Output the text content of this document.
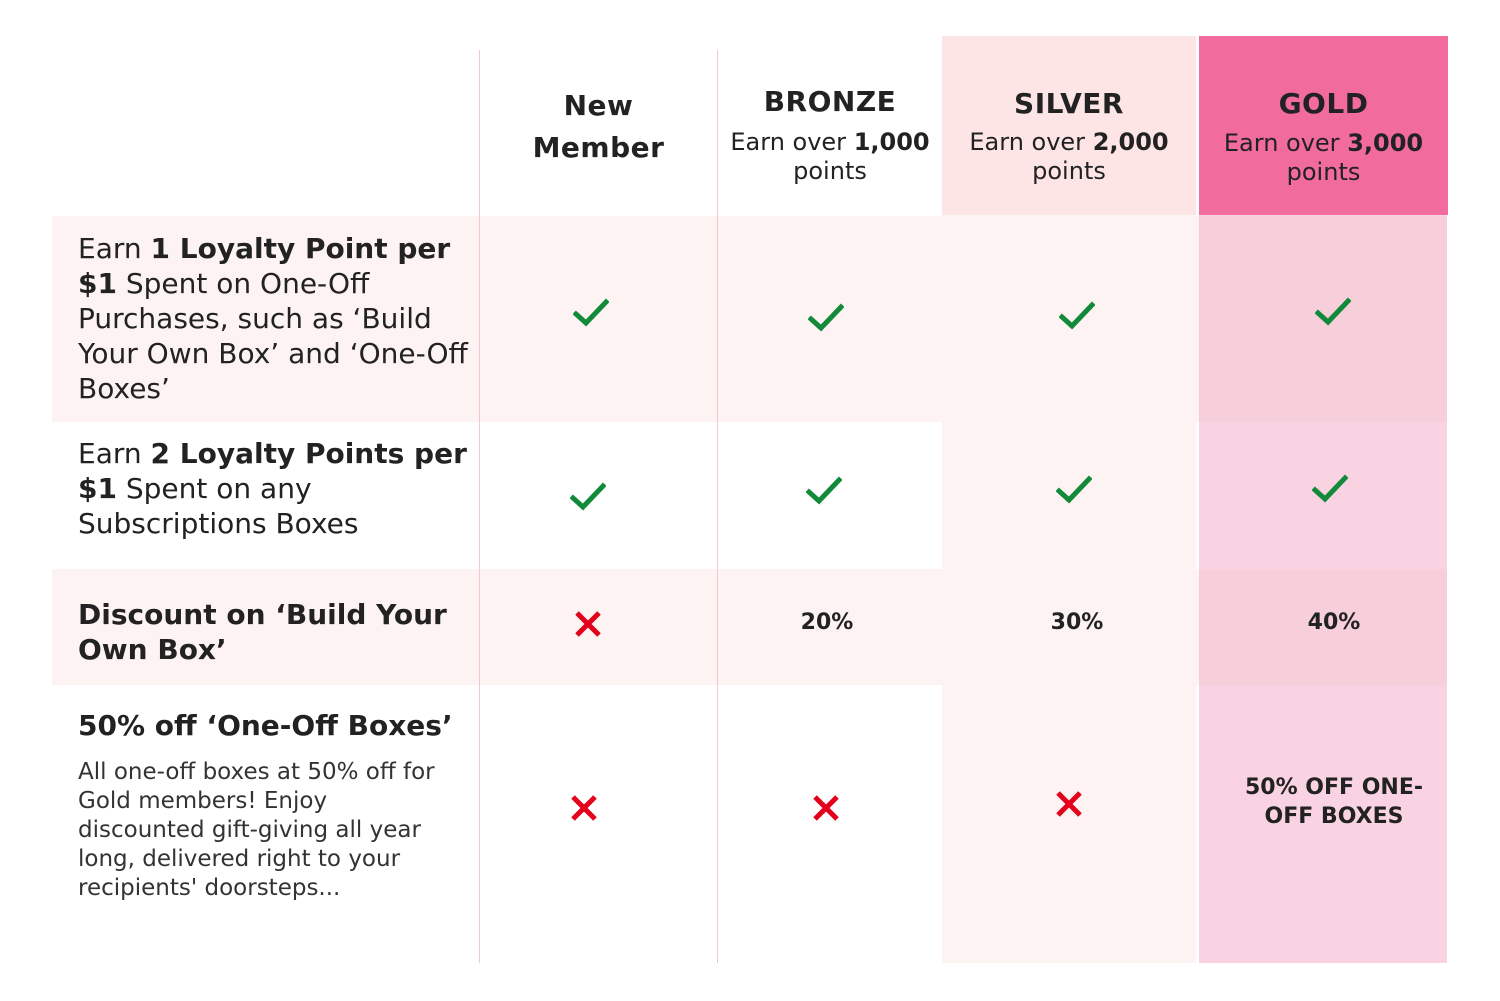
New
Member
BRONZE
Earn over 1,000
points
SILVER
Earn over 2,000
points
GOLD
Earn over 3,000
points
Earn 1 Loyalty Point per $1 Spent on One-Off Purchases, such as ‘Build Your Own Box’ and ‘One-Off Boxes’
Earn 2 Loyalty Points per $1 Spent on any Subscriptions Boxes
Discount on ‘Build Your Own Box’
50% off ‘One-Off Boxes’
All one-off boxes at 50% off for Gold members! Enjoy discounted gift-giving all year long, delivered right to your recipients' doorsteps...
20%	30%	40%
50% OFF ONE-OFF BOXES
